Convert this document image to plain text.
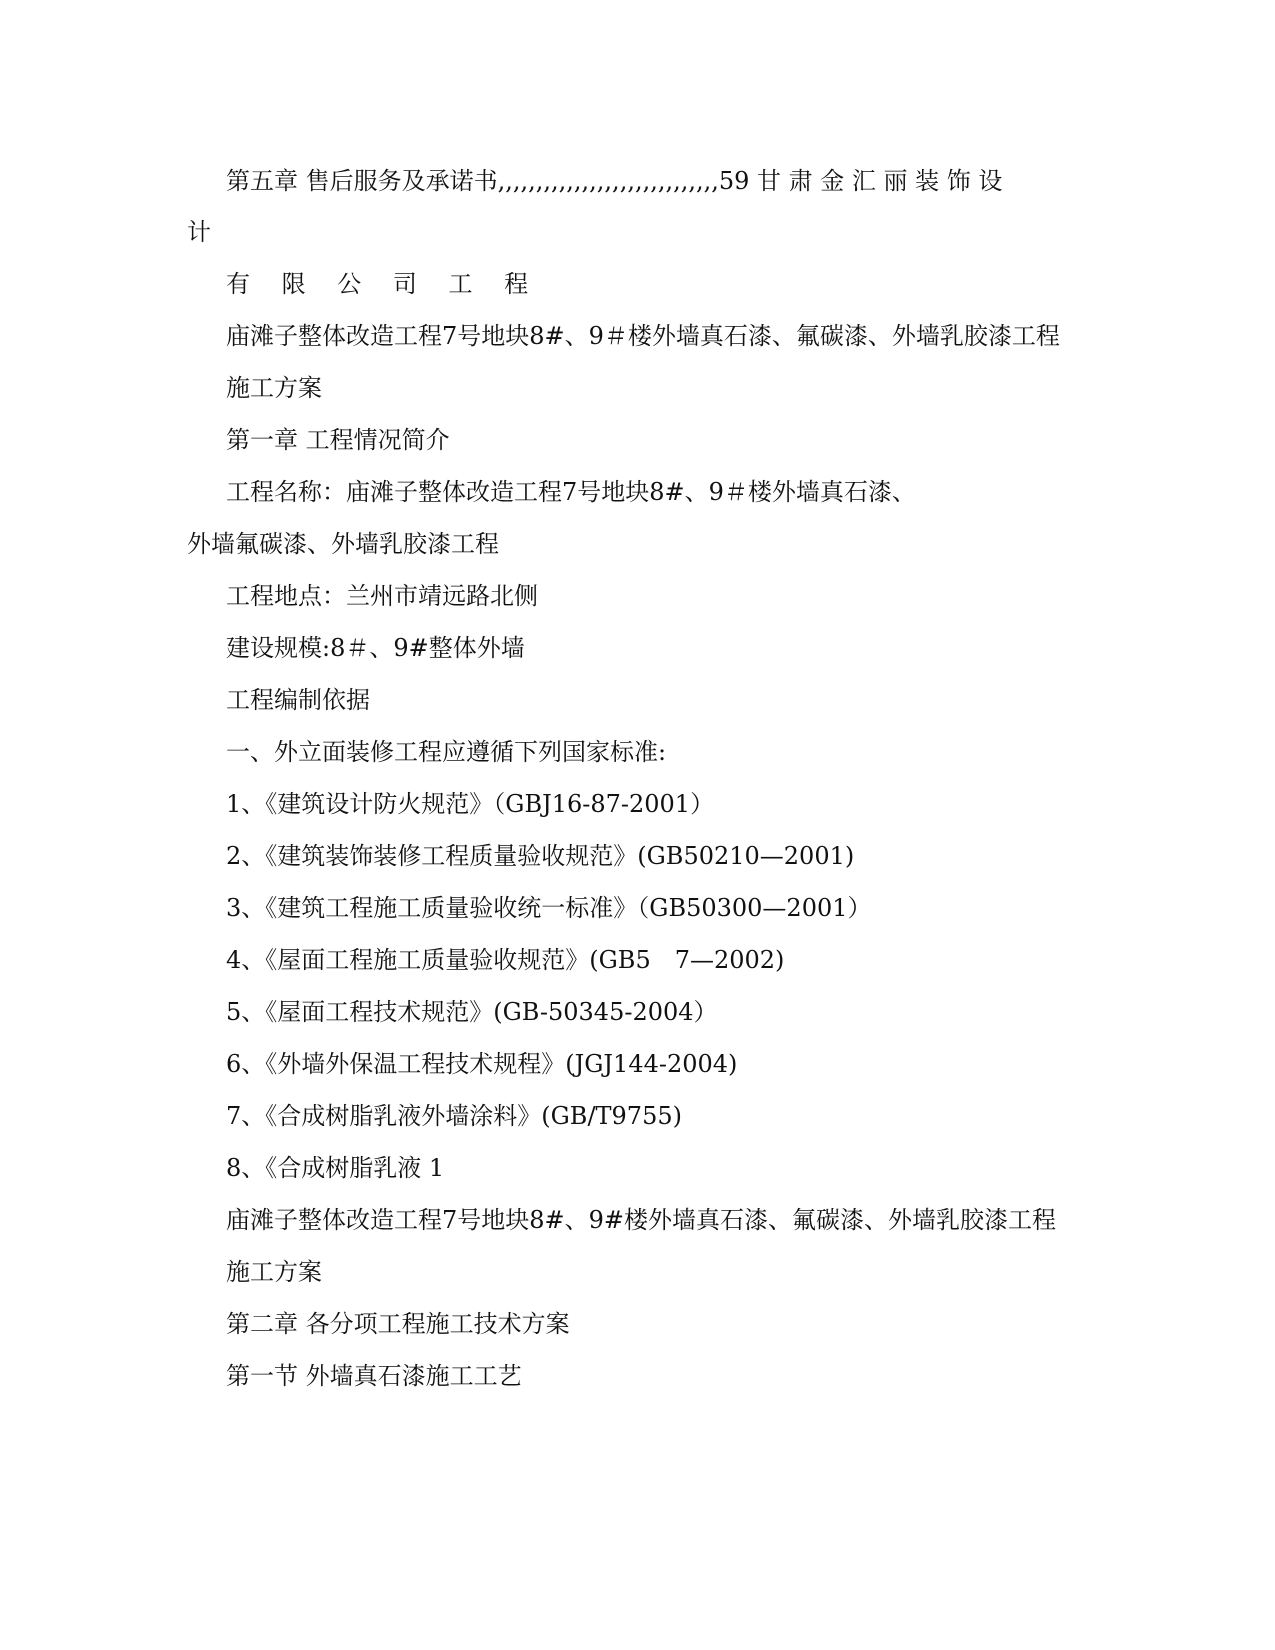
第五章 售后服务及承诺书,,,,,,,,,,,,,,,,,,,,,,,,,,,,,59 甘 肃 金 汇 丽 装 饰 设
计
有 限 公 司 工 程
庙滩子整体改造工程7号地块8#、9＃楼外墙真石漆、氟碳漆、外墙乳胶漆工程
施工方案
第一章 工程情况简介
工程名称：庙滩子整体改造工程7号地块8#、9＃楼外墙真石漆、
外墙氟碳漆、外墙乳胶漆工程
工程地点：兰州市靖远路北侧
建设规模:8＃、9#整体外墙
工程编制依据
一、外立面装修工程应遵循下列国家标准:
1、《建筑设计防火规范》（GBJ16-87-2001）
2、《建筑装饰装修工程质量验收规范》(GB50210—2001)
3、《建筑工程施工质量验收统一标准》（GB50300—2001）
4、《屋面工程施工质量验收规范》(GB5　7—2002)
5、《屋面工程技术规范》(GB-50345-2004）
6、《外墙外保温工程技术规程》(JGJ144-2004)
7、《合成树脂乳液外墙涂料》(GB/T9755)
8、《合成树脂乳液 1
庙滩子整体改造工程7号地块8#、9#楼外墙真石漆、氟碳漆、外墙乳胶漆工程
施工方案
第二章 各分项工程施工技术方案
第一节 外墙真石漆施工工艺
